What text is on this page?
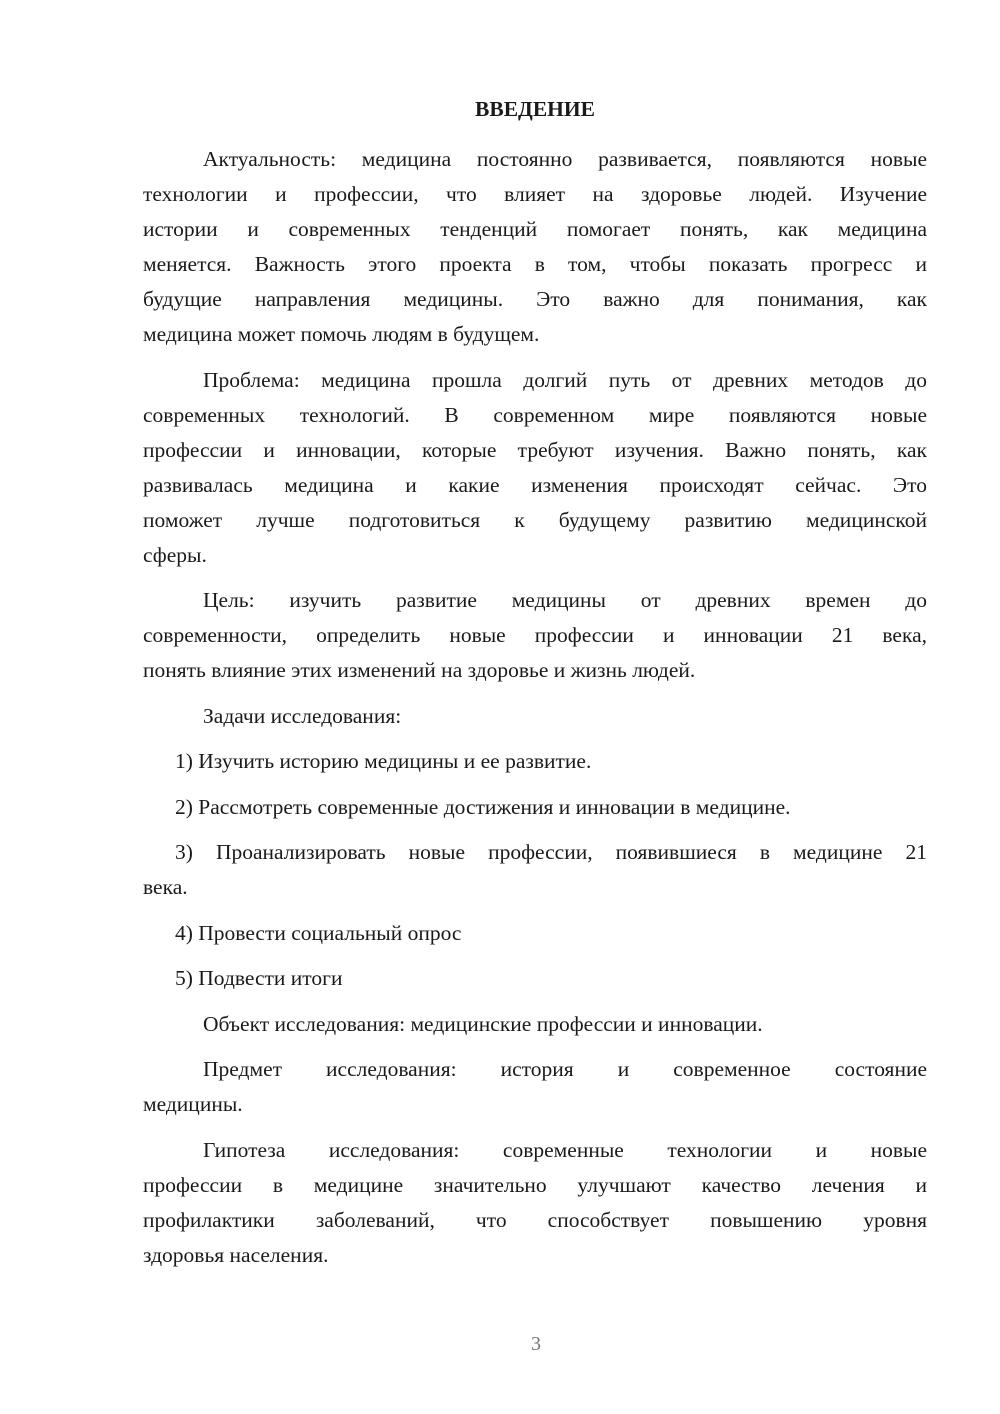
ВВЕДЕНИЕ
Актуальность: медицина постоянно развивается, появляются новые
технологии и профессии, что влияет на здоровье людей. Изучение
истории и современных тенденций помогает понять, как медицина
меняется. Важность этого проекта в том, чтобы показать прогресс и
будущие направления медицины. Это важно для понимания, как
медицина может помочь людям в будущем.
Проблема: медицина прошла долгий путь от древних методов до
современных технологий. В современном мире появляются новые
профессии и инновации, которые требуют изучения. Важно понять, как
развивалась медицина и какие изменения происходят сейчас. Это
поможет лучше подготовиться к будущему развитию медицинской
сферы.
Цель: изучить развитие медицины от древних времен до
современности, определить новые профессии и инновации 21 века,
понять влияние этих изменений на здоровье и жизнь людей.
Задачи исследования:
1) Изучить историю медицины и ее развитие.
2) Рассмотреть современные достижения и инновации в медицине.
3) Проанализировать новые профессии, появившиеся в медицине 21
века.
4) Провести социальный опрос
5) Подвести итоги
Объект исследования: медицинские профессии и инновации.
Предмет исследования: история и современное состояние
медицины.
Гипотеза исследования: современные технологии и новые
профессии в медицине значительно улучшают качество лечения и
профилактики заболеваний, что способствует повышению уровня
здоровья населения.
3
